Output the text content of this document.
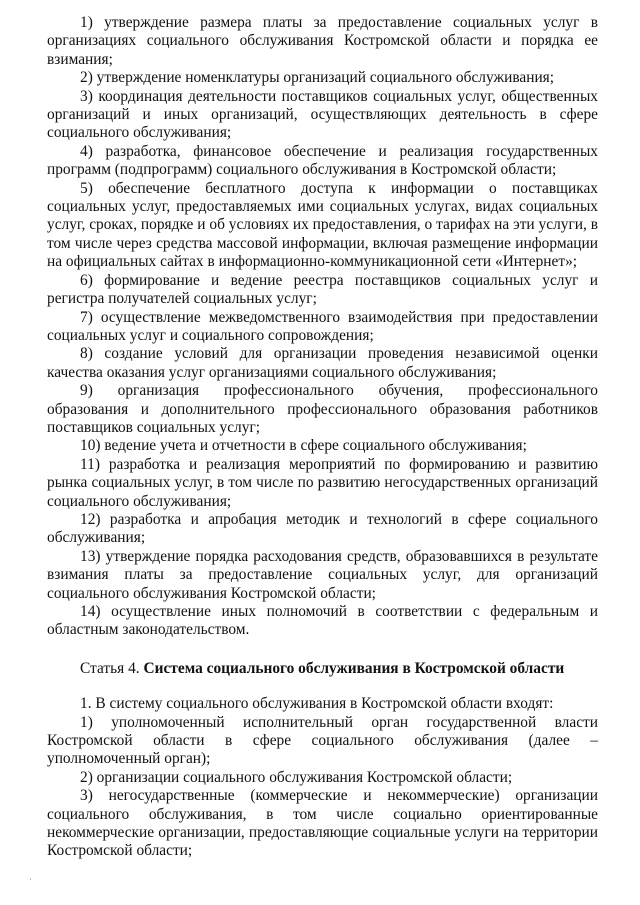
1) утверждение размера платы за предоставление социальных услуг в организациях социального обслуживания Костромской области и порядка ее взимания;

2) утверждение номенклатуры организаций социального обслуживания;

3) координация деятельности поставщиков социальных услуг, общественных организаций и иных организаций, осуществляющих деятельность в сфере социального обслуживания;

4) разработка, финансовое обеспечение и реализация государственных программ (подпрограмм) социального обслуживания в Костромской области;

5) обеспечение бесплатного доступа к информации о поставщиках социальных услуг, предоставляемых ими социальных услугах, видах социальных услуг, сроках, порядке и об условиях их предоставления, о тарифах на эти услуги, в том числе через средства массовой информации, включая размещение информации на официальных сайтах в информационно-коммуникационной сети «Интернет»;

6) формирование и ведение реестра поставщиков социальных услуг и регистра получателей социальных услуг;

7) осуществление межведомственного взаимодействия при предоставлении социальных услуг и социального сопровождения;

8) создание условий для организации проведения независимой оценки качества оказания услуг организациями социального обслуживания;

9) организация профессионального обучения, профессионального образования и дополнительного профессионального образования работников поставщиков социальных услуг;

10) ведение учета и отчетности в сфере социального обслуживания;

11) разработка и реализация мероприятий по формированию и развитию рынка социальных услуг, в том числе по развитию негосударственных организаций социального обслуживания;

12) разработка и апробация методик и технологий в сфере социального обслуживания;

13) утверждение порядка расходования средств, образовавшихся в результате взимания платы за предоставление социальных услуг, для организаций социального обслуживания Костромской области;

14) осуществление иных полномочий в соответствии с федеральным и областным законодательством.

Статья 4. Система социального обслуживания в Костромской области

1. В систему социального обслуживания в Костромской области входят:

1) уполномоченный исполнительный орган государственной власти Костромской области в сфере социального обслуживания (далее – уполномоченный орган);

2) организации социального обслуживания Костромской области;

3) негосударственные (коммерческие и некоммерческие) организации социального обслуживания, в том числе социально ориентированные некоммерческие организации, предоставляющие социальные услуги на территории Костромской области;
